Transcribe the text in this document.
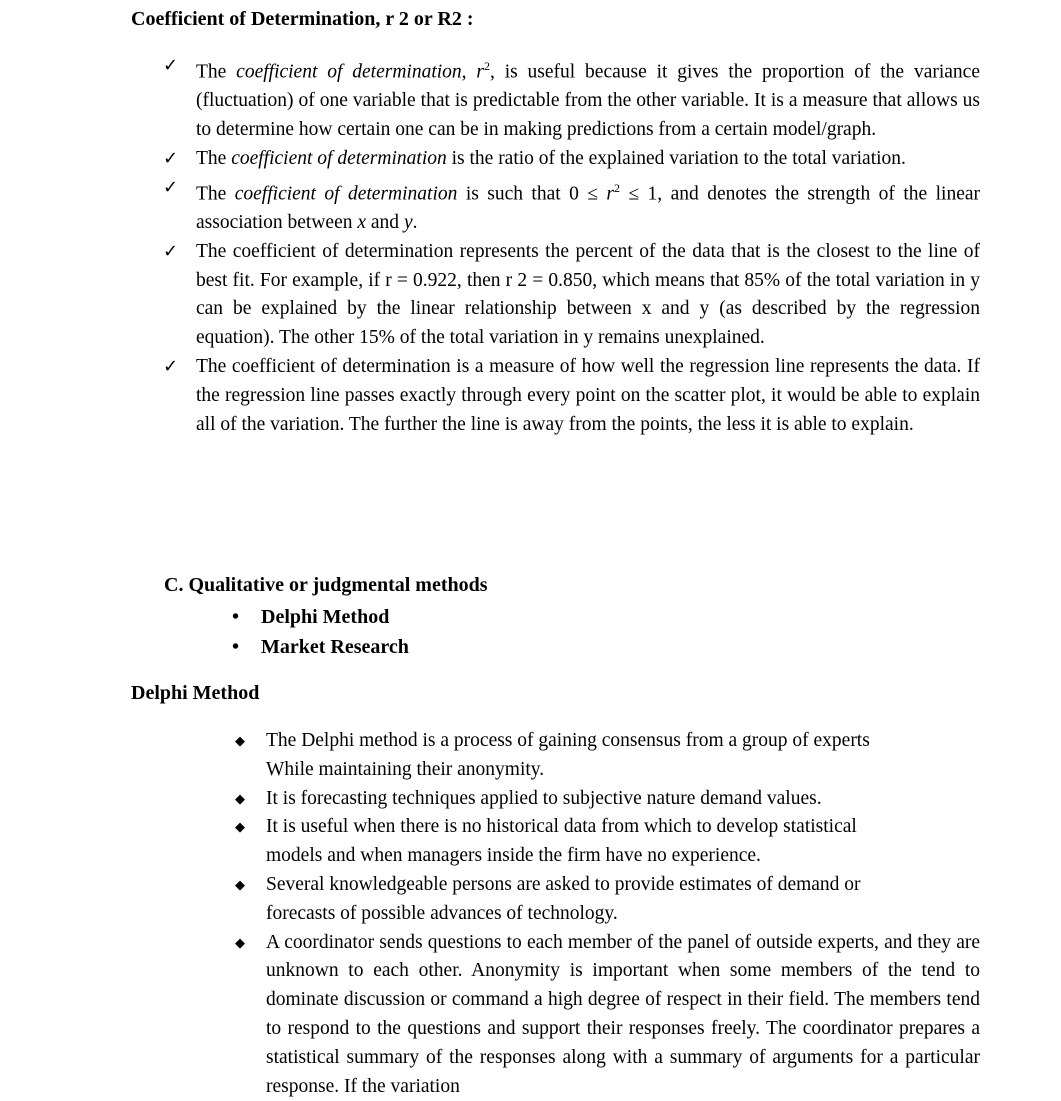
Coefficient of Determination, r 2 or R2 :
✓ The coefficient of determination, $r^2$, is useful because it gives the proportion of the variance (fluctuation) of one variable that is predictable from the other variable. It is a measure that allows us to determine how certain one can be in making predictions from a certain model/graph.
✓ The coefficient of determination is the ratio of the explained variation to the total variation.
✓ The coefficient of determination is such that $0 \le r^2 \le 1$, and denotes the strength of the linear association between x and y.
✓ The coefficient of determination represents the percent of the data that is the closest to the line of best fit. For example, if r = 0.922, then r 2 = 0.850, which means that 85% of the total variation in y can be explained by the linear relationship between x and y (as described by the regression equation). The other 15% of the total variation in y remains unexplained.
✓ The coefficient of determination is a measure of how well the regression line represents the data. If the regression line passes exactly through every point on the scatter plot, it would be able to explain all of the variation. The further the line is away from the points, the less it is able to explain.
C. Qualitative or judgmental methods
• Delphi Method
• Market Research
Delphi Method
◆ The Delphi method is a process of gaining consensus from a group of experts
While maintaining their anonymity.
◆ It is forecasting techniques applied to subjective nature demand values.
◆ It is useful when there is no historical data from which to develop statistical
models and when managers inside the firm have no experience.
◆ Several knowledgeable persons are asked to provide estimates of demand or
forecasts of possible advances of technology.
◆ A coordinator sends questions to each member of the panel of outside experts, and they are unknown to each other. Anonymity is important when some members of the tend to dominate discussion or command a high degree of respect in their field. The members tend to respond to the questions and support their responses freely. The coordinator prepares a statistical summary of the responses along with a summary of arguments for a particular response. If the variation
